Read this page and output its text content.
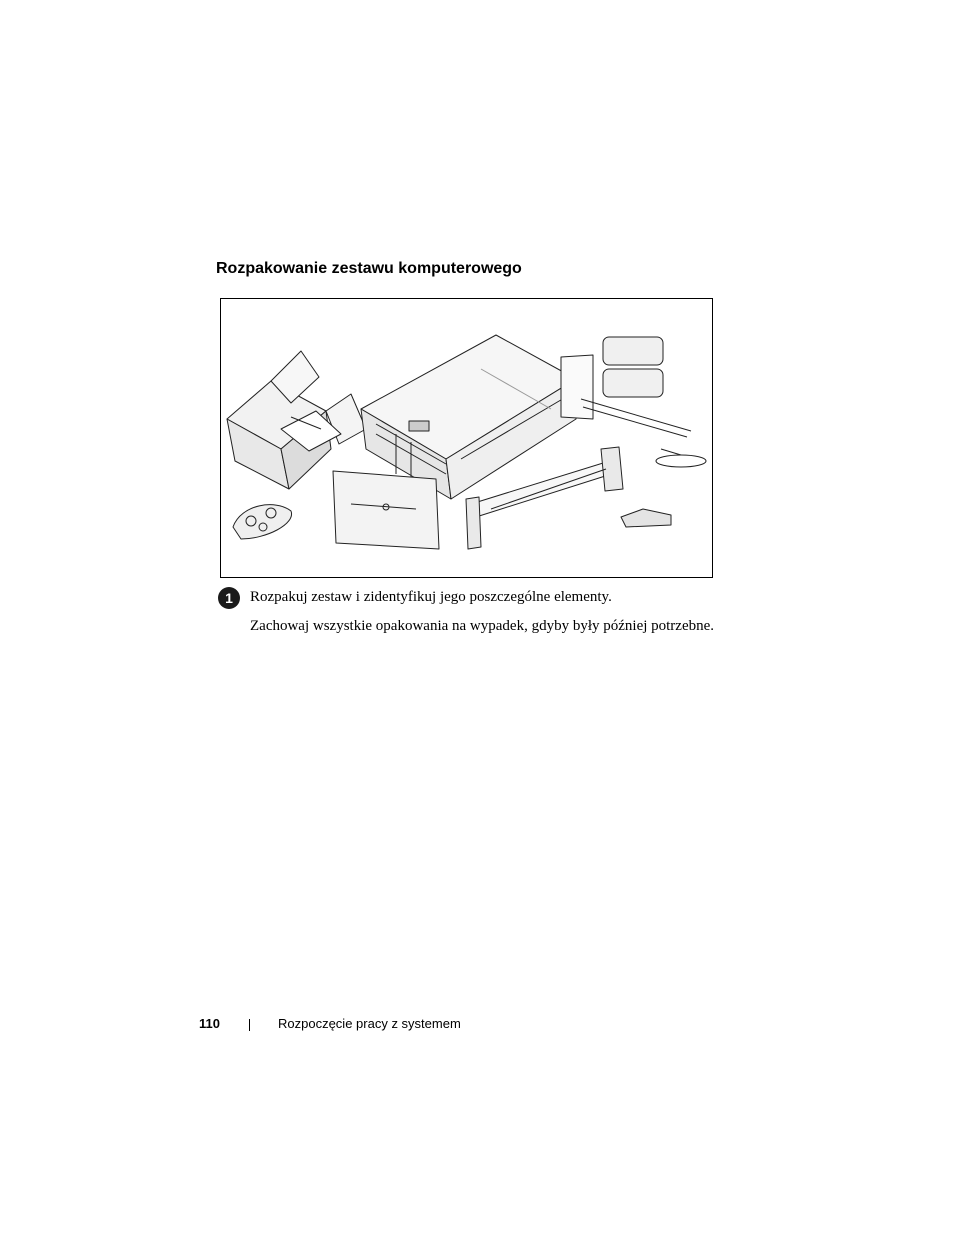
Rozpakowanie zestawu komputerowego
1	Rozpakuj zestaw i zidentyfikuj jego poszczególne elementy.
Zachowaj wszystkie opakowania na wypadek, gdyby były później potrzebne.
110	Rozpoczęcie pracy z systemem
